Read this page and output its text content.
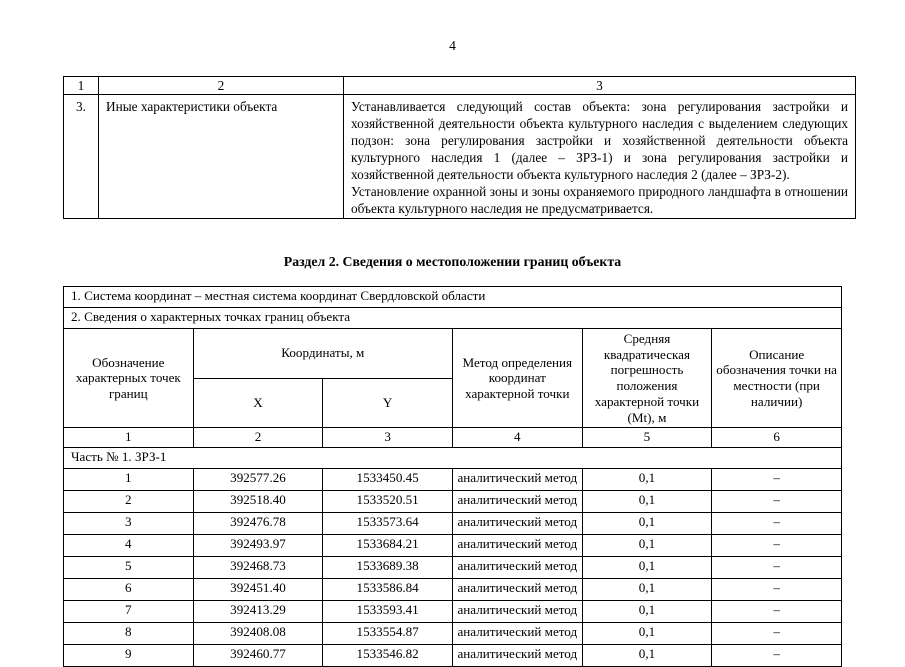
4
1	2	3
3.	Иные характеристики объекта	Устанавливается следующий состав объекта: зона регулирования застройки и хозяйственной деятельности объекта культурного наследия с выделением следующих подзон: зона регулирования застройки и хозяйственной деятельности объекта культурного наследия 1 (далее – ЗРЗ-1) и зона регулирования застройки и хозяйственной деятельности объекта культурного наследия 2 (далее – ЗРЗ-2).

Установление охранной зоны и зоны охраняемого природного ландшафта в отношении объекта культурного наследия не предусматривается.

Раздел 2. Сведения о местоположении границ объекта
1. Система координат – местная система координат Свердловской области					
2. Сведения о характерных точках границ объекта					
Обозначение характерных точек границ	Координаты, м		Метод определения координат характерной точки	Средняя квадратическая погрешность положения характерной точки (Mt), м	Описание обозначения точки на местности (при наличии)
	X	Y			
1	2	3	4	5	6
Часть № 1. ЗРЗ-1					
1	392577.26	1533450.45	аналитический метод	0,1	–
2	392518.40	1533520.51	аналитический метод	0,1	–
3	392476.78	1533573.64	аналитический метод	0,1	–
4	392493.97	1533684.21	аналитический метод	0,1	–
5	392468.73	1533689.38	аналитический метод	0,1	–
6	392451.40	1533586.84	аналитический метод	0,1	–
7	392413.29	1533593.41	аналитический метод	0,1	–
8	392408.08	1533554.87	аналитический метод	0,1	–
9	392460.77	1533546.82	аналитический метод	0,1	–
